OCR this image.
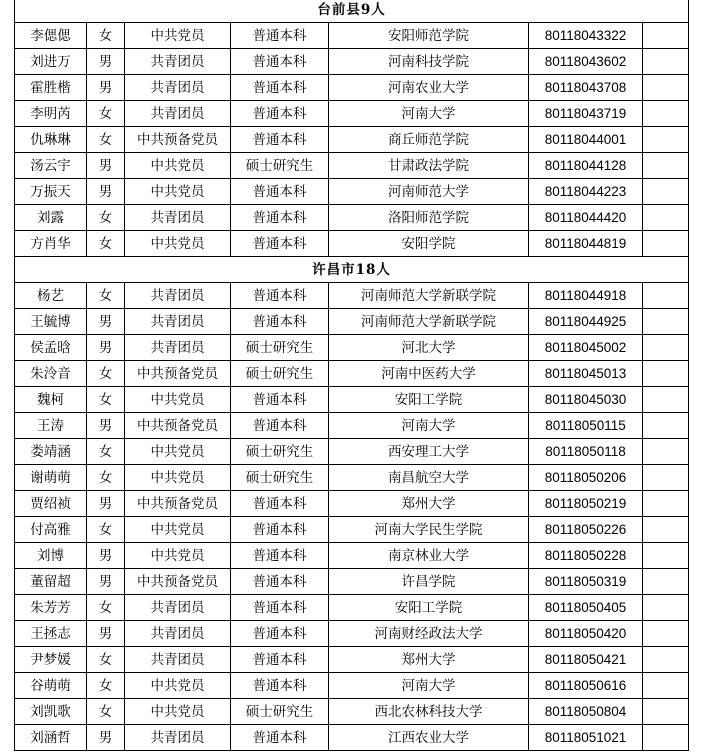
台前县9人						
李偲偲	女	中共党员	普通本科	安阳师范学院	80118043322	
刘进万	男	共青团员	普通本科	河南科技学院	80118043602	
霍胜楷	男	共青团员	普通本科	河南农业大学	80118043708	
李明芮	女	共青团员	普通本科	河南大学	80118043719	
仇琳琳	女	中共预备党员	普通本科	商丘师范学院	80118044001	
汤云宇	男	中共党员	硕士研究生	甘肃政法学院	80118044128	
万振天	男	中共党员	普通本科	河南师范大学	80118044223	
刘露	女	共青团员	普通本科	洛阳师范学院	80118044420	
方肖华	女	中共党员	普通本科	安阳学院	80118044819	
许昌市18人						
杨艺	女	共青团员	普通本科	河南师范大学新联学院	80118044918	
王毓博	男	共青团员	普通本科	河南师范大学新联学院	80118044925	
侯孟晗	男	共青团员	硕士研究生	河北大学	80118045002	
朱泠音	女	中共预备党员	硕士研究生	河南中医药大学	80118045013	
魏柯	女	中共党员	普通本科	安阳工学院	80118045030	
王涛	男	中共预备党员	普通本科	河南大学	80118050115	
娄靖涵	女	中共党员	硕士研究生	西安理工大学	80118050118	
谢萌萌	女	中共党员	硕士研究生	南昌航空大学	80118050206	
贾绍祯	男	中共预备党员	普通本科	郑州大学	80118050219	
付高雅	女	中共党员	普通本科	河南大学民生学院	80118050226	
刘博	男	中共党员	普通本科	南京林业大学	80118050228	
董留超	男	中共预备党员	普通本科	许昌学院	80118050319	
朱芳芳	女	共青团员	普通本科	安阳工学院	80118050405	
王拯志	男	共青团员	普通本科	河南财经政法大学	80118050420	
尹梦媛	女	共青团员	普通本科	郑州大学	80118050421	
谷萌萌	女	中共党员	普通本科	河南大学	80118050616	
刘凯歌	女	中共党员	硕士研究生	西北农林科技大学	80118050804	
刘涵哲	男	共青团员	普通本科	江西农业大学	80118051021	
